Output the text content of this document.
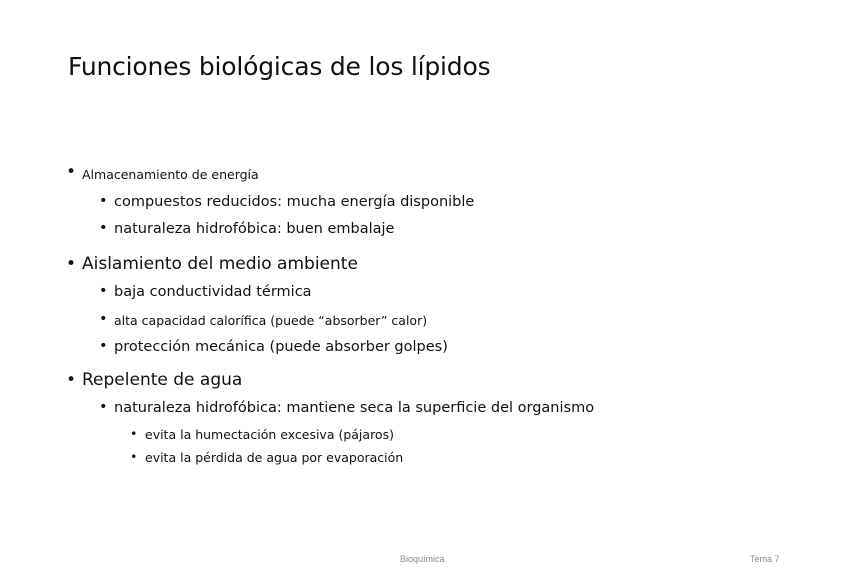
Funciones biológicas de los lípidos
• Almacenamiento de energía
• compuestos reducidos: mucha energía disponible
• naturaleza hidrofóbica: buen embalaje
• Aislamiento del medio ambiente
• baja conductividad térmica
• alta capacidad calorífica (puede “absorber” calor)
• protección mecánica (puede absorber golpes)
• Repelente de agua
• naturaleza hidrofóbica: mantiene seca la superficie del organismo
• evita la humectación excesiva (pájaros)
• evita la pérdida de agua por evaporación
Bioquímica	Tema 7
